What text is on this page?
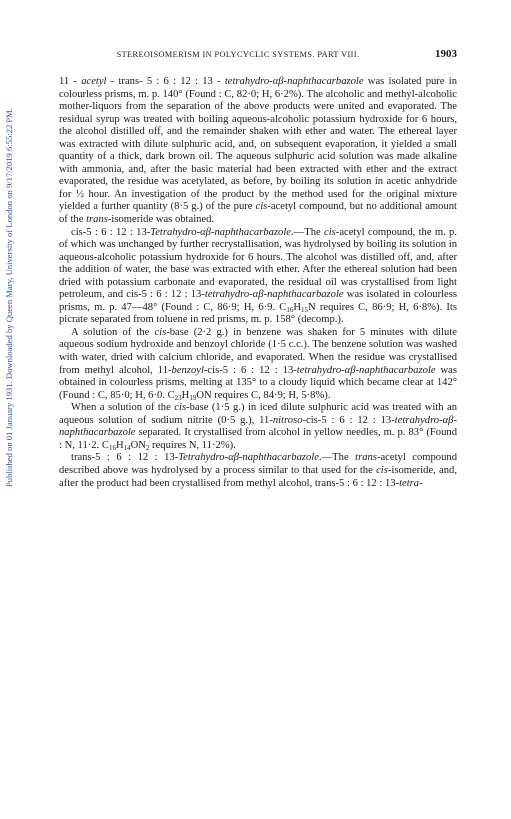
Published on 01 January 1931. Downloaded by Queen Mary, University of London on 9/17/2019 6:55:22 PM.
STEREOISOMERISM IN POLYCYCLIC SYSTEMS. PART VIII.	1903

11 - acetyl - trans- 5 : 6 : 12 : 13 - tetrahydro-αβ-naphthacarbazole was isolated pure in colourless prisms, m. p. 140° (Found : C, 82·0; H, 6·2%). The alcoholic and methyl-alcoholic mother-liquors from the separation of the above products were united and evaporated. The residual syrup was treated with boiling aqueous-alcoholic potassium hydroxide for 6 hours, the alcohol distilled off, and the remainder shaken with ether and water. The ethereal layer was extracted with dilute sulphuric acid, and, on subsequent evaporation, it yielded a small quantity of a thick, dark brown oil. The aqueous sulphuric acid solution was made alkaline with ammonia, and, after the basic material had been extracted with ether and the extract evaporated, the residue was acetylated, as before, by boiling its solution in acetic anhydride for ½ hour. An investigation of the product by the method used for the original mixture yielded a further quantity (8·5 g.) of the pure cis-acetyl compound, but no additional amount of the trans-isomeride was obtained.

cis-5 : 6 : 12 : 13-Tetrahydro-αβ-naphthacarbazole.—The cis-acetyl compound, the m. p. of which was unchanged by further recrystallisation, was hydrolysed by boiling its solution in aqueous-alcoholic potassium hydroxide for 6 hours. The alcohol was distilled off, and, after the addition of water, the base was extracted with ether. After the ethereal solution had been dried with potassium carbonate and evaporated, the residual oil was crystallised from light petroleum, and cis-5 : 6 : 12 : 13-tetrahydro-αβ-naphthacarbazole was isolated in colourless prisms, m. p. 47—48° (Found : C, 86·9; H, 6·9. $C_{16}H_{15}N$ requires C, 86·9; H, 6·8%). Its picrate separated from toluene in red prisms, m. p. 158° (decomp.).

A solution of the cis-base (2·2 g.) in benzene was shaken for 5 minutes with dilute aqueous sodium hydroxide and benzoyl chloride (1·5 c.c.). The benzene solution was washed with water, dried with calcium chloride, and evaporated. When the residue was crystallised from methyl alcohol, 11-benzoyl-cis-5 : 6 : 12 : 13-tetrahydro-αβ-naphthacarbazole was obtained in colourless prisms, melting at 135° to a cloudy liquid which became clear at 142° (Found : C, 85·0; H, 6·0. $C_{23}H_{19}ON$ requires C, 84·9; H, 5·8%).

When a solution of the cis-base (1·5 g.) in iced dilute sulphuric acid was treated with an aqueous solution of sodium nitrite (0·5 g.), 11-nitroso-cis-5 : 6 : 12 : 13-tetrahydro-αβ-naphthacarbazole separated. It crystallised from alcohol in yellow needles, m. p. 83° (Found : N, 11·2. $C_{16}H_{14}ON_2$ requires N, 11·2%).

trans-5 : 6 : 12 : 13-Tetrahydro-αβ-naphthacarbazole.—The trans-acetyl compound described above was hydrolysed by a process similar to that used for the cis-isomeride, and, after the product had been crystallised from methyl alcohol, trans-5 : 6 : 12 : 13-tetra-
